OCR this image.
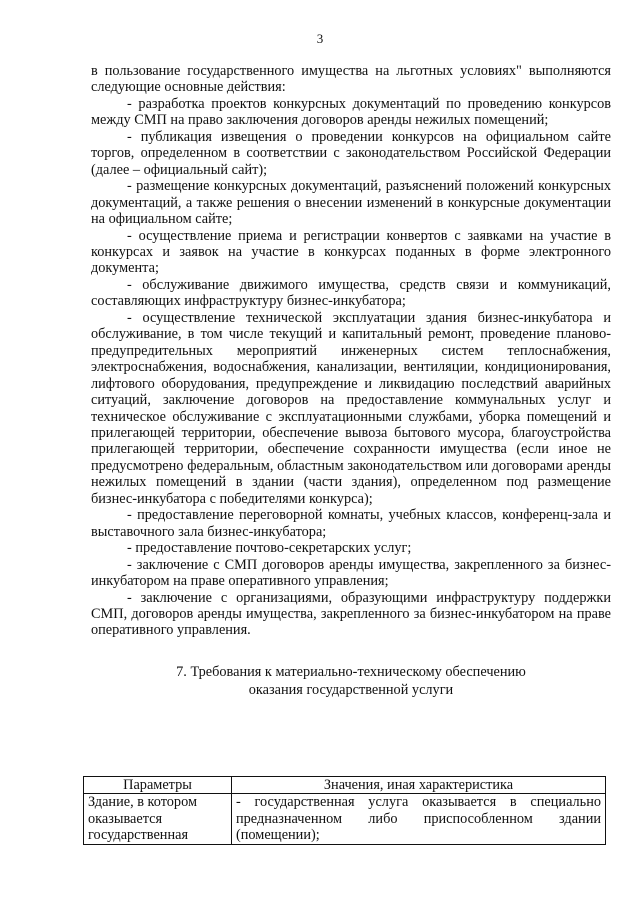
3

в пользование государственного имущества на льготных условиях" выполняются следующие основные действия:

- разработка проектов конкурсных документаций по проведению конкурсов между СМП на право заключения договоров аренды нежилых помещений;

- публикация извещения о проведении конкурсов на официальном сайте торгов, определенном в соответствии с законодательством Российской Федерации (далее – официальный сайт);

- размещение конкурсных документаций, разъяснений положений конкурсных документаций, а также решения о внесении изменений в конкурсные документации на официальном сайте;

- осуществление приема и регистрации конвертов с заявками на участие в конкурсах и заявок на участие в конкурсах поданных в форме электронного документа;

- обслуживание движимого имущества, средств связи и коммуникаций, составляющих инфраструктуру бизнес-инкубатора;

- осуществление технической эксплуатации здания бизнес-инкубатора и обслуживание, в том числе текущий и капитальный ремонт, проведение планово-предупредительных мероприятий инженерных систем теплоснабжения, электроснабжения, водоснабжения, канализации, вентиляции, кондиционирования, лифтового оборудования, предупреждение и ликвидацию последствий аварийных ситуаций, заключение договоров на предоставление коммунальных услуг и техническое обслуживание с эксплуатационными службами, уборка помещений и прилегающей территории, обеспечение вывоза бытового мусора, благоустройства прилегающей территории, обеспечение сохранности имущества (если иное не предусмотрено федеральным, областным законодательством или договорами аренды нежилых помещений в здании (части здания), определенном под размещение бизнес-инкубатора с победителями конкурса);

- предоставление переговорной комнаты, учебных классов, конференц-зала и выставочного зала бизнес-инкубатора;

- предоставление почтово-секретарских услуг;

- заключение с СМП договоров аренды имущества, закрепленного за бизнес-инкубатором на праве оперативного управления;

- заключение с организациями, образующими инфраструктуру поддержки СМП, договоров аренды имущества, закрепленного за бизнес-инкубатором на праве оперативного управления.

7. Требования к материально-техническому обеспечению
оказания государственной услуги
Параметры	Значения, иная характеристика
Здание, в котором оказывается государственная	- государственная услуга оказывается в специально предназначенном либо приспособленном здании (помещении);
